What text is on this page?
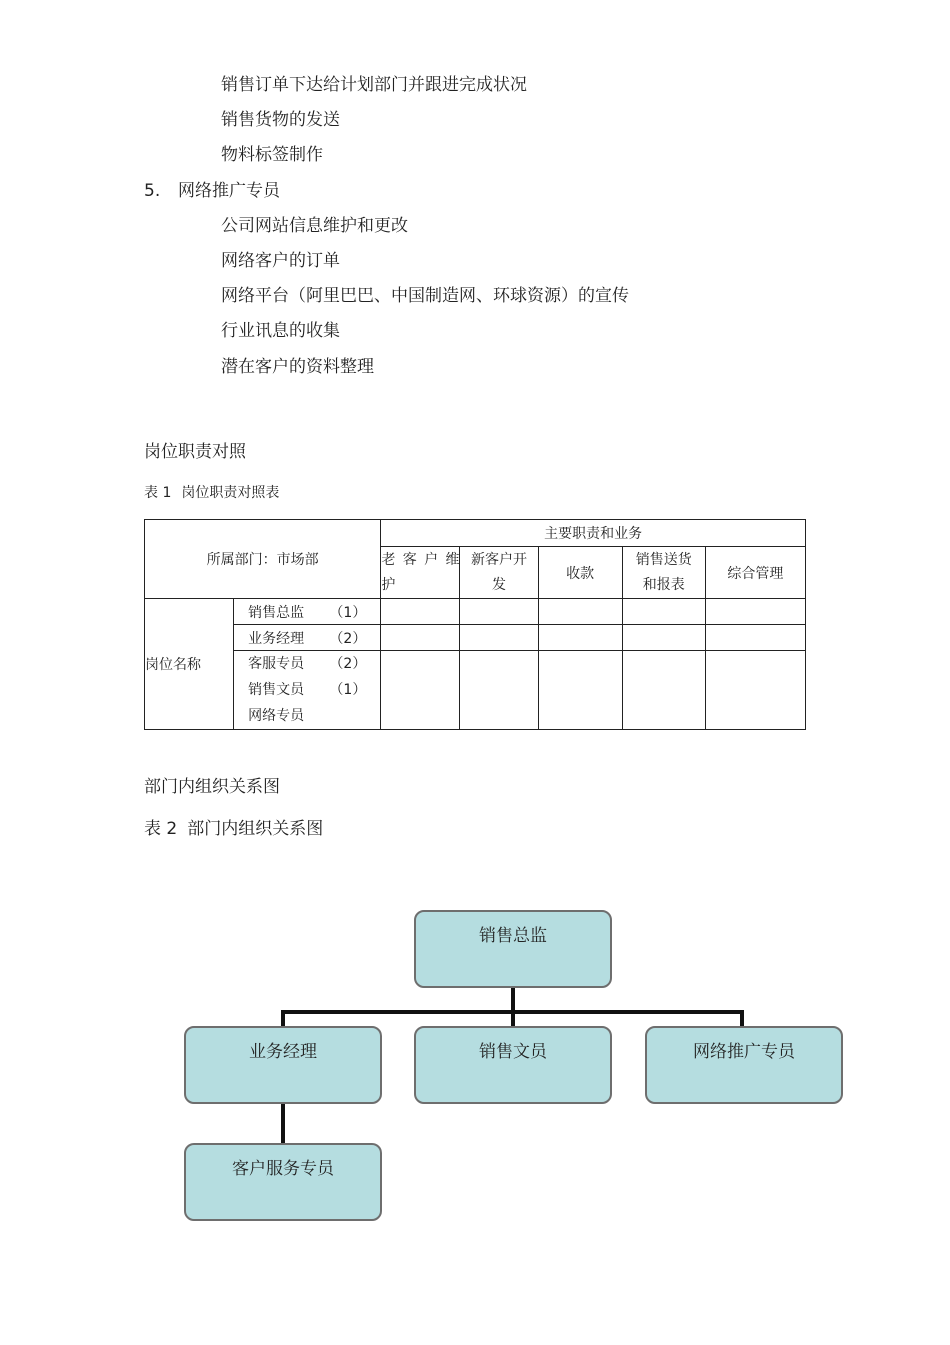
销售订单下达给计划部门并跟进完成状况
销售货物的发送
物料标签制作
5. 网络推广专员
公司网站信息维护和更改
网络客户的订单
网络平台（阿里巴巴、中国制造网、环球资源）的宣传
行业讯息的收集
潜在客户的资料整理
岗位职责对照
表 1 岗位职责对照表
所属部门：市场部		主要职责和业务				
		老 客 户 维护	新客户开发	收款	销售送货和报表	综合管理
岗位名称	销售总监 （1）					

	业务经理 （2）					

	客服专员 （2）
销售文员 （1）
网络专员					

部门内组织关系图
表 2 部门内组织关系图
销售总监
业务经理	销售文员	网络推广专员
客户服务专员
